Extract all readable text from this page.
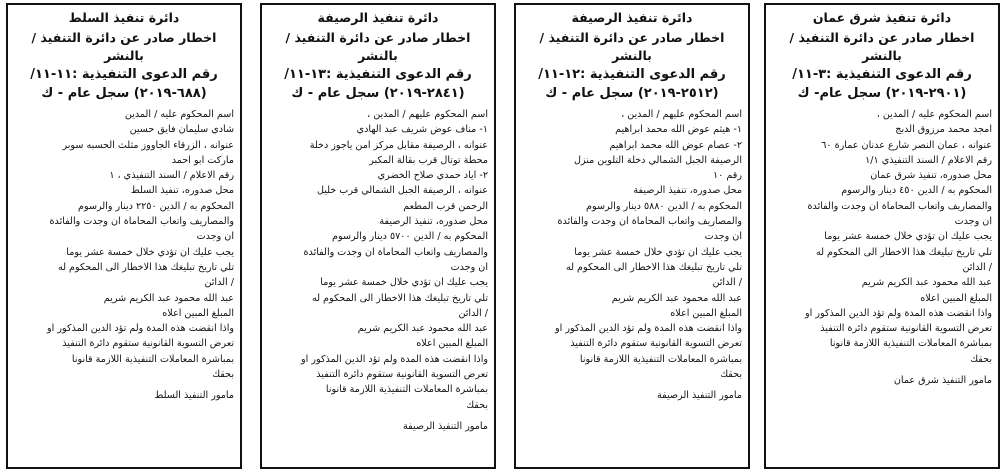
دائرة تنفيذ شرق عمان
اخطار صادر عن دائرة التنفيذ / بالنشر
رقم الدعوى التنفيذية :٣-١١/
(٢٩٠١-٢٠١٩) سجل عام- ك
اسم المحكوم عليه / المدين ،
امجد محمد مرزوق الدبج
عنوانه ، عمان النصر شارع عدنان عمارة ٦٠
رقم الاعلام / السند التنفيذي ١/١
محل صدوره، تنفيذ شرق عمان
المحكوم به / الدين ٤٥٠ دينار والرسوم
والمصاريف واتعاب المحاماة ان وجدت والفائدة
ان وجدت
يجب عليك ان تؤدي خلال خمسة عشر يوما
تلي تاريخ تبليغك هذا الاخطار الى المحكوم له
/ الدائن
عبد الله محمود عبد الكريم شريم
المبلغ المبين اعلاه
واذا انقضت هذه المدة ولم تؤد الدين المذكور او
تعرض التسوية القانونية ستقوم دائرة التنفيذ
بمباشرة المعاملات التنفيذية اللازمة قانونا
بحقك
مامور التنفيذ شرق عمان
دائرة تنفيذ الرصيفة
اخطار صادر عن دائرة التنفيذ / بالنشر
رقم الدعوى التنفيذية :١٢-١١/
(٢٥١٢-٢٠١٩) سجل عام - ك
اسم المحكوم عليهم / المدين ،
١- هيثم عوض الله محمد ابراهيم
٢- عصام عوض الله محمد ابراهيم
الرصيفة الجبل الشمالي دخلة التلوين منزل
رقم ١٠
محل صدوره، تنفيذ الرصيفة
المحكوم به / الدين ٥٨٨٠ دينار والرسوم
والمصاريف واتعاب المحاماة ان وجدت والفائدة
ان وجدت
يجب عليك ان تؤدي خلال خمسة عشر يوما
تلي تاريخ تبليغك هذا الاخطار الى المحكوم له
/ الدائن
عبد الله محمود عبد الكريم شريم
المبلغ المبين اعلاه
واذا انقضت هذه المدة ولم تؤد الدين المذكور او
تعرض التسوية القانونية ستقوم دائرة التنفيذ
بمباشرة المعاملات التنفيذية اللازمة قانونا
بحقك
مامور التنفيذ الرصيفة
دائرة تنفيذ الرصيفة
اخطار صادر عن دائرة التنفيذ / بالنشر
رقم الدعوى التنفيذية :١٣-١١/
(٢٨٤١-٢٠١٩) سجل عام - ك
اسم المحكوم عليهم / المدين ،
١- مناف عوض شريف عبد الهادي
عنوانه ، الرصيفة مقابل مركز امن ياجوز دخلة
محطة توتال قرب بقالة المكبر
٢- اياد حمدي صلاح الخضري
عنوانه ، الرصيفة الجبل الشمالي قرب خليل
الرحمن قرب المطعم
محل صدوره، تنفيذ الرصيفة
المحكوم به / الدين ٥٧٠٠ دينار والرسوم
والمصاريف واتعاب المحاماة ان وجدت والفائدة
ان وجدت
يجب عليك ان تؤدي خلال خمسة عشر يوما
تلي تاريخ تبليغك هذا الاخطار الى المحكوم له
/ الدائن
عبد الله محمود عبد الكريم شريم
المبلغ المبين اعلاه
واذا انقضت هذه المدة ولم تؤد الدين المذكور او
تعرض التسوية القانونية ستقوم دائرة التنفيذ
بمباشرة المعاملات التنفيذية اللازمة قانونا
بحقك
مامور التنفيذ الرصيفة
دائرة تنفيذ السلط
اخطار صادر عن دائرة التنفيذ / بالنشر
رقم الدعوى التنفيذية :١١-١١/
(٦٨٨-٢٠١٩) سجل عام - ك
اسم المحكوم عليه / المدين
شادي سليمان فايق حسين
عنوانه ، الزرقاء الجاووز مثلث الحسبه سوبر
ماركت ابو احمد
رقم الاعلام / السند التنفيذي ، ١
محل صدوره، تنفيذ السلط
المحكوم به / الدين ٢٢٥٠ دينار والرسوم
والمصاريف واتعاب المحاماة ان وجدت والفائدة
ان وجدت
يجب عليك ان تؤدي خلال خمسة عشر يوما
تلي تاريخ تبليغك هذا الاخطار الى المحكوم له
/ الدائن
عبد الله محمود عبد الكريم شريم
المبلغ المبين اعلاه
واذا انقضت هذه المدة ولم تؤد الدين المذكور او
تعرض التسوية القانونية ستقوم دائرة التنفيذ
بمباشرة المعاملات التنفيذية اللازمة قانونا
بحقك
مامور التنفيذ السلط
